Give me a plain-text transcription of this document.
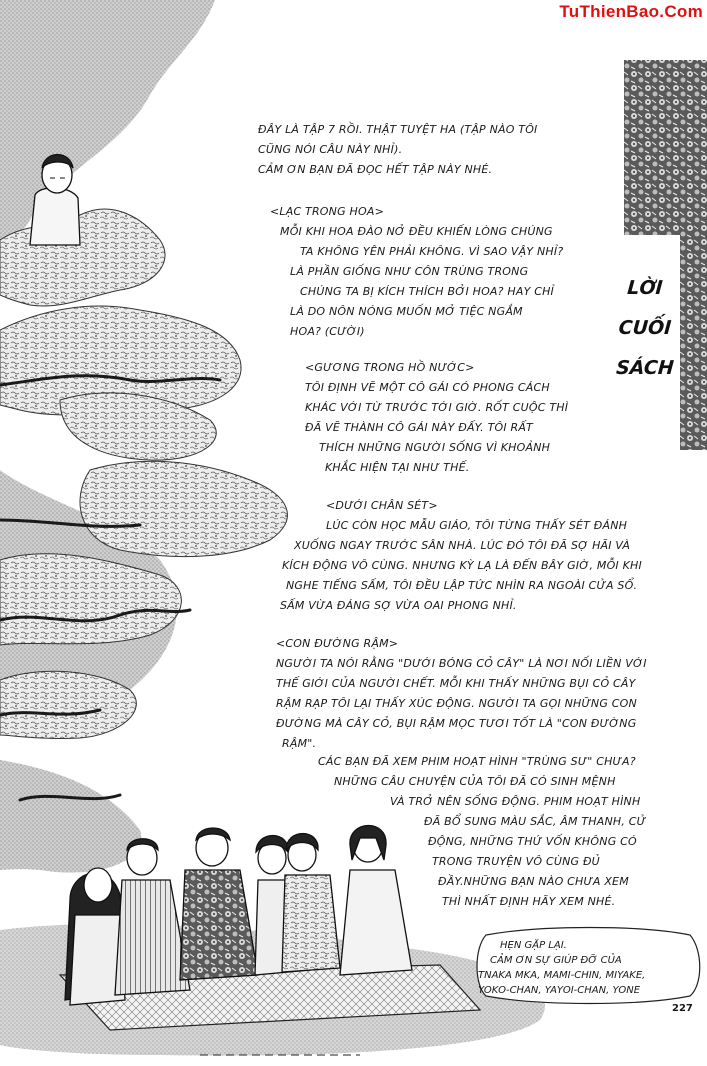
TuThienBao.Com
LỜI
CUỐI
SÁCH

ĐÂY LÀ TẬP 7 RỒI. THẬT TUYỆT HA (TẬP NÀO TÔI

CŨNG NÓI CÂU NÀY NHỈ).

CẢM ƠN BẠN ĐÃ ĐỌC HẾT TẬP NÀY NHÉ.

<LẠC TRONG HOA>

MỖI KHI HOA ĐÀO NỞ ĐỀU KHIẾN LÒNG CHÚNG

TA KHÔNG YÊN PHẢI KHÔNG. VÌ SAO VẬY NHỈ?

LÀ PHẦN GIỐNG NHƯ CÔN TRÙNG TRONG

CHÚNG TA BỊ KÍCH THÍCH BỞI HOA? HAY CHỈ

LÀ DO NÔN NÓNG MUỐN MỞ TIỆC NGẮM

HOA? (CƯỜI)

<GƯƠNG TRONG HỒ NƯỚC>

TÔI ĐỊNH VẼ MỘT CÔ GÁI CÓ PHONG CÁCH

KHÁC VỚI TỪ TRƯỚC TỚI GIỜ. RỐT CUỘC THÌ

ĐÃ VẼ THÀNH CÔ GÁI NÀY ĐẤY. TÔI RẤT

THÍCH NHỮNG NGƯỜI SỐNG VÌ KHOẢNH

KHẮC HIỆN TẠI NHƯ THẾ.

<DƯỚI CHÂN SÉT>

LÚC CÒN HỌC MẪU GIÁO, TÔI TỪNG THẤY SÉT ĐÁNH

XUỐNG NGAY TRƯỚC SÂN NHÀ. LÚC ĐÓ TÔI ĐÃ SỢ HÃI VÀ

KÍCH ĐỘNG VÔ CÙNG. NHƯNG KỲ LẠ LÀ ĐẾN BÂY GIỜ, MỖI KHI

NGHE TIẾNG SẤM, TÔI ĐỀU LẬP TỨC NHÌN RA NGOÀI CỬA SỔ.

SẤM VỪA ĐÁNG SỢ VỪA OAI PHONG NHỈ.

<CON ĐƯỜNG RẬM>

NGƯỜI TA NÓI RẰNG "DƯỚI BÓNG CỎ CÂY" LÀ NƠI NỐI LIỀN VỚI

THẾ GIỚI CỦA NGƯỜI CHẾT. MỖI KHI THẤY NHỮNG BỤI CỎ CÂY

RẬM RẠP TÔI LẠI THẤY XÚC ĐỘNG. NGƯỜI TA GỌI NHỮNG CON

ĐƯỜNG MÀ CÂY CỎ, BỤI RẬM MỌC TƯƠI TỐT LÀ "CON ĐƯỜNG

RẬM".

CÁC BẠN ĐÃ XEM PHIM HOẠT HÌNH "TRÙNG SƯ" CHƯA?

NHỮNG CÂU CHUYỆN CỦA TÔI ĐÃ CÓ SINH MỆNH

VÀ TRỞ NÊN SỐNG ĐỘNG. PHIM HOẠT HÌNH

ĐÃ BỔ SUNG MÀU SẮC, ÂM THANH, CỬ

ĐỘNG, NHỮNG THỨ VỐN KHÔNG CÓ

TRONG TRUYỆN VÔ CÙNG ĐỦ

ĐẦY.NHỮNG BẠN NÀO CHƯA XEM

THÌ NHẤT ĐỊNH HÃY XEM NHÉ.

HẸN GẶP LẠI.

CẢM ƠN SỰ GIÚP ĐỠ CỦA

TNAKA MKA, MAMI-CHIN, MIYAKE,

YOKO-CHAN, YAYOI-CHAN, YONE

227
